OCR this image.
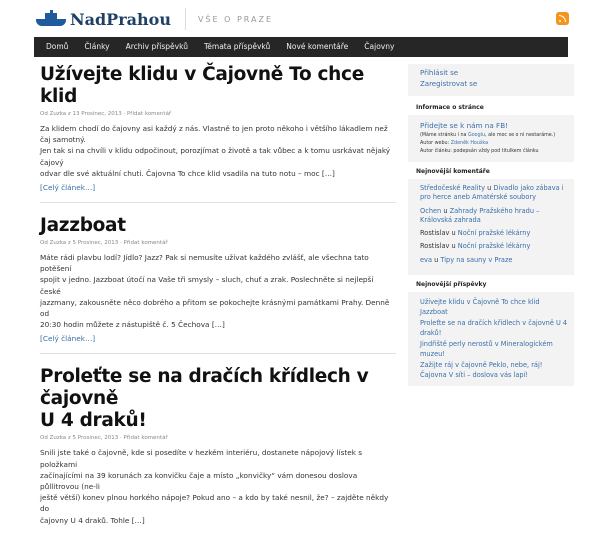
NadPrahou	VŠE O PRAZE
Domů	Články	Archiv příspěvků	Témata příspěvků	Nové komentáře	Čajovny
Užívejte klidu v Čajovně To chce klid
Od Zuzka z 13 Prosinec, 2013 · Přidat komentář
Za klidem chodí do čajovny asi každý z nás. Vlastně to jen proto někoho i většího lákadlem než čaj samotný.
Jen tak si na chvíli v klidu odpočinout, porozjímat o životě a tak vůbec a k tomu usrkávat nějaký čajový
odvar dle své aktuální chuti. Čajovna To chce klid vsadila na tuto notu – moc […]
[Celý článek…]
Jazzboat
Od Zuzka z 5 Prosinec, 2013 · Přidat komentář
Máte rádi plavbu lodí? Jídlo? Jazz? Pak si nemusíte užívat každého zvlášť, ale všechna tato potěšení
spojit v jedno. Jazzboat útočí na Vaše tři smysly – sluch, chuť a zrak. Poslechněte si nejlepší české
jazzmany, zakousněte něco dobrého a přitom se pokochejte krásnými památkami Prahy. Denně od
20:30 hodin můžete z nástupiště č. 5 Čechova […]
[Celý článek…]
Proleťte se na dračích křídlech v čajovně
U 4 draků!
Od Zuzka z 5 Prosinec, 2013 · Přidat komentář
Snili jste také o čajovně, kde si posedíte v hezkém interiéru, dostanete nápojový lístek s položkami
začínajícími na 39 korunách za konvičku čaje a místo „konvičky“ vám donesou doslova půllitrovou (ne-li
ještě větší) konev plnou horkého nápoje? Pokud ano – a kdo by také nesnil, že? – zajděte někdy do
čajovny U 4 draků. Tohle […]
Přihlásit se
Zaregistrovat se
Informace o stránce
Přidejte se k nám na FB!
(Máme stránku i na Googlu, ale moc se o ni nestaráme.)
Autor webu: Zdeněk Houška
Autor článku: podepsán vždy pod titulkem článku
Nejnovější komentáře
Středočeské Reality u Divadlo jako zábava i pro herce aneb Amatérské soubory
Ochen u Zahrady Pražského hradu – Královská zahrada
Rostislav u Noční pražské lékárny
Rostislav u Noční pražské lékárny
eva u Tipy na sauny v Praze
Nejnovější příspěvky
Užívejte klidu v Čajovně To chce klid
Jazzboat
Proleťte se na dračích křídlech v čajovně U 4 draků!
Jindřiště perly nerostů v Mineralogickém muzeu!
Zažijte ráj v čajovně Peklo, nebe, ráj!
Čajovna V síti – doslova vás lapí!
